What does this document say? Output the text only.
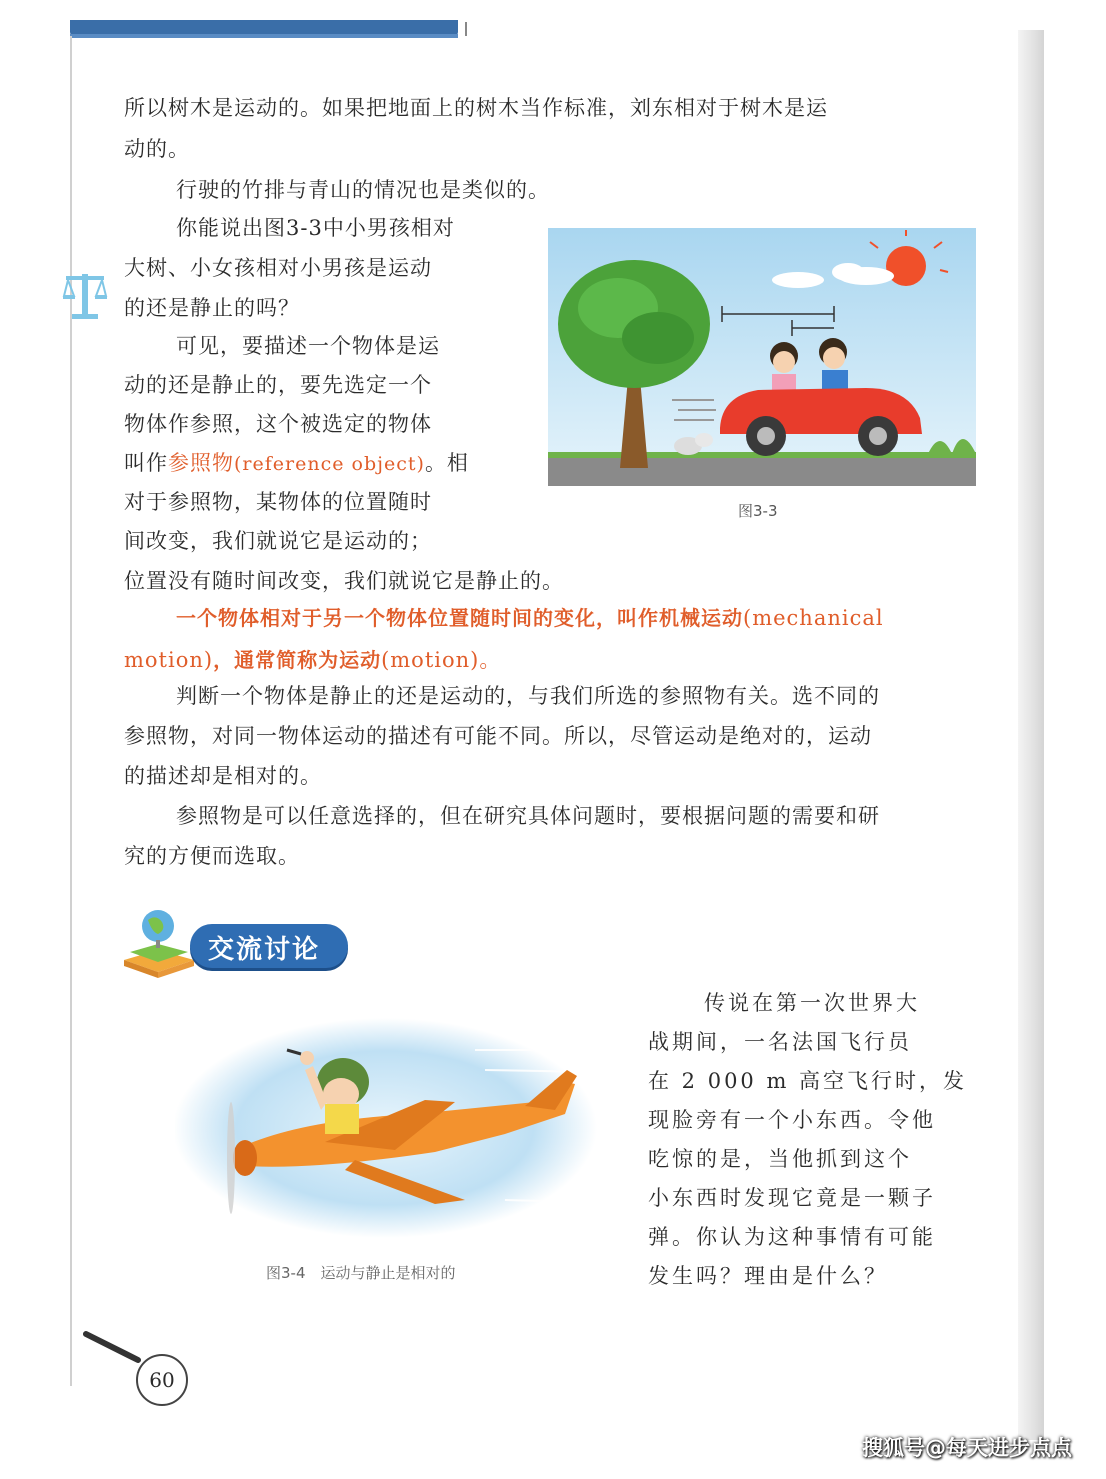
所以树木是运动的。如果把地面上的树木当作标准，刘东相对于树木是运
动的。
行驶的竹排与青山的情况也是类似的。
你能说出图3-3中小男孩相对
大树、小女孩相对小男孩是运动
的还是静止的吗？
可见，要描述一个物体是运
动的还是静止的，要先选定一个
物体作参照，这个被选定的物体
叫作参照物(reference object)。相
对于参照物，某物体的位置随时
间改变，我们就说它是运动的；
位置没有随时间改变，我们就说它是静止的。
图3-3
一个物体相对于另一个物体位置随时间的变化，叫作机械运动(mechanical
motion)，通常简称为运动(motion)。
判断一个物体是静止的还是运动的，与我们所选的参照物有关。选不同的
参照物，对同一物体运动的描述有可能不同。所以，尽管运动是绝对的，运动
的描述却是相对的。
参照物是可以任意选择的，但在研究具体问题时，要根据问题的需要和研
究的方便而选取。
交流讨论
图3-4　运动与静止是相对的
传说在第一次世界大
战期间，一名法国飞行员
在 2 000 m 高空飞行时，发
现脸旁有一个小东西。令他
吃惊的是，当他抓到这个
小东西时发现它竟是一颗子
弹。你认为这种事情有可能
发生吗？理由是什么？
60
搜狐号@每天进步点点
